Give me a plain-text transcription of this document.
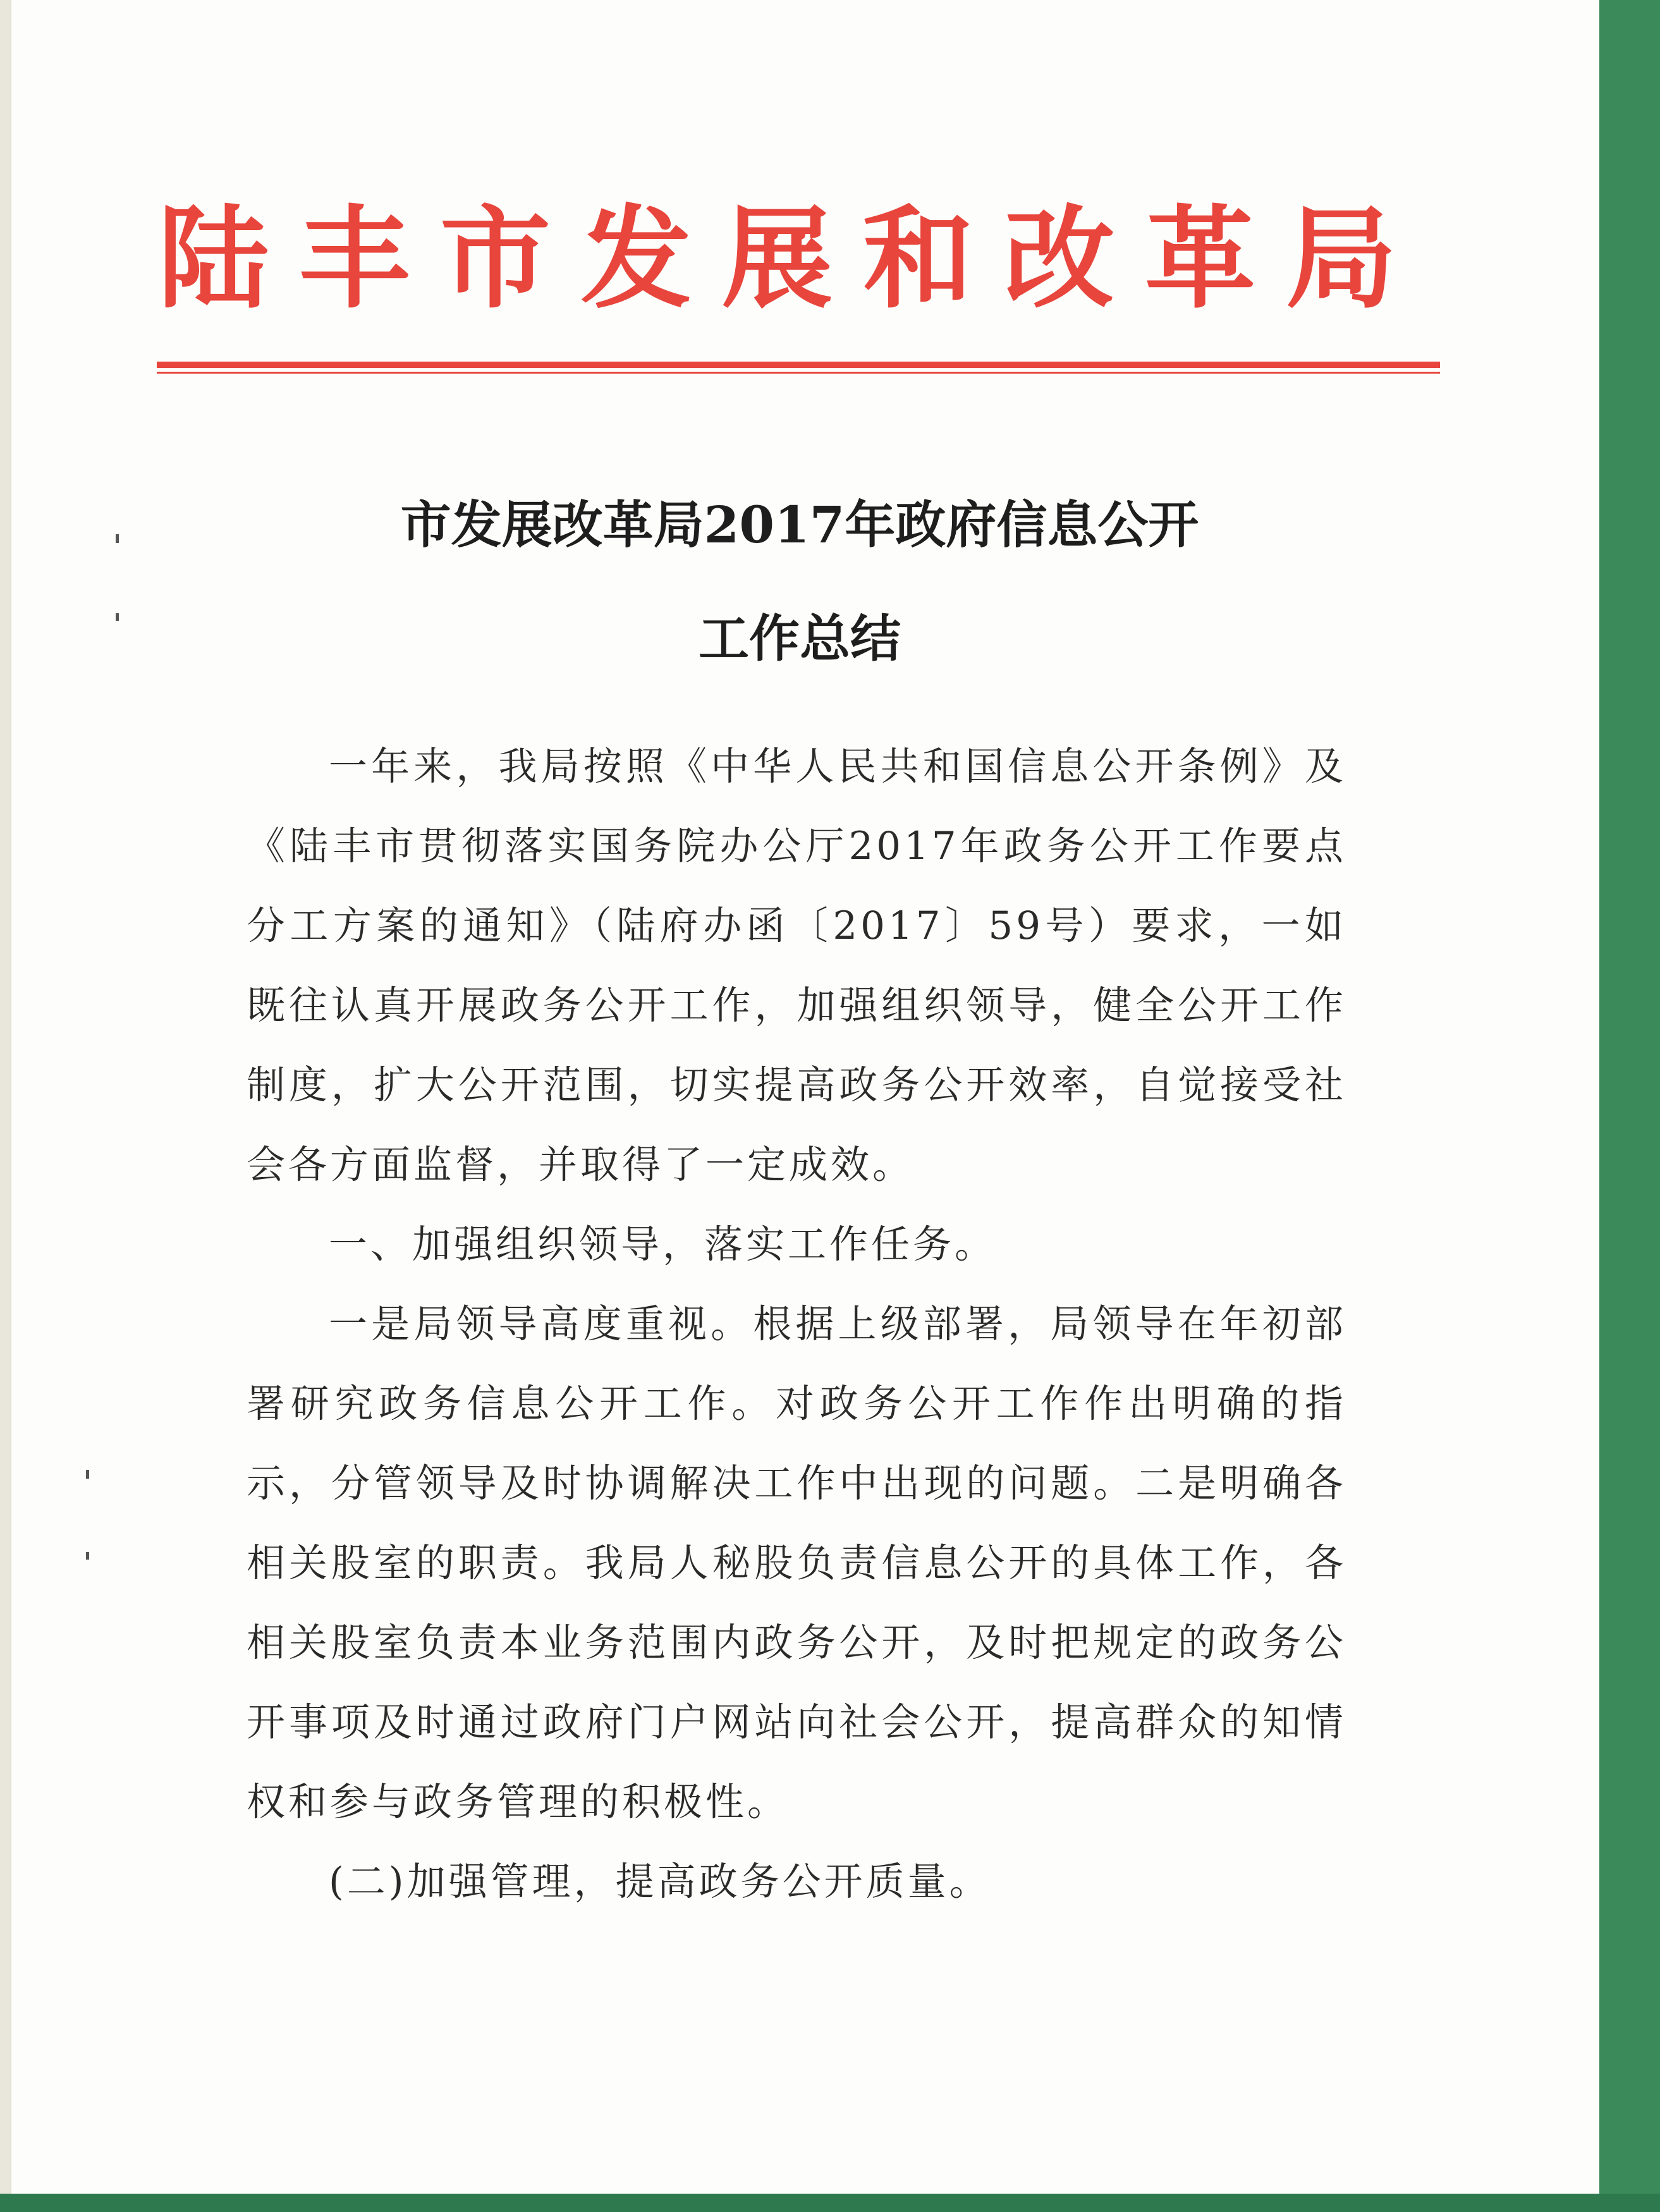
陆丰市发展和改革局
市发展改革局2017年政府信息公开
工作总结

一年来，我局按照《中华人民共和国信息公开条例》及《陆丰市贯彻落实国务院办公厅2017年政务公开工作要点分工方案的通知》（陆府办函〔2017〕59号）要求，一如既往认真开展政务公开工作，加强组织领导，健全公开工作制度，扩大公开范围，切实提高政务公开效率，自觉接受社会各方面监督，并取得了一定成效。

一、加强组织领导，落实工作任务。

一是局领导高度重视。根据上级部署，局领导在年初部署研究政务信息公开工作。对政务公开工作作出明确的指示，分管领导及时协调解决工作中出现的问题。二是明确各相关股室的职责。我局人秘股负责信息公开的具体工作，各相关股室负责本业务范围内政务公开，及时把规定的政务公开事项及时通过政府门户网站向社会公开，提高群众的知情权和参与政务管理的积极性。

(二)加强管理，提高政务公开质量。
